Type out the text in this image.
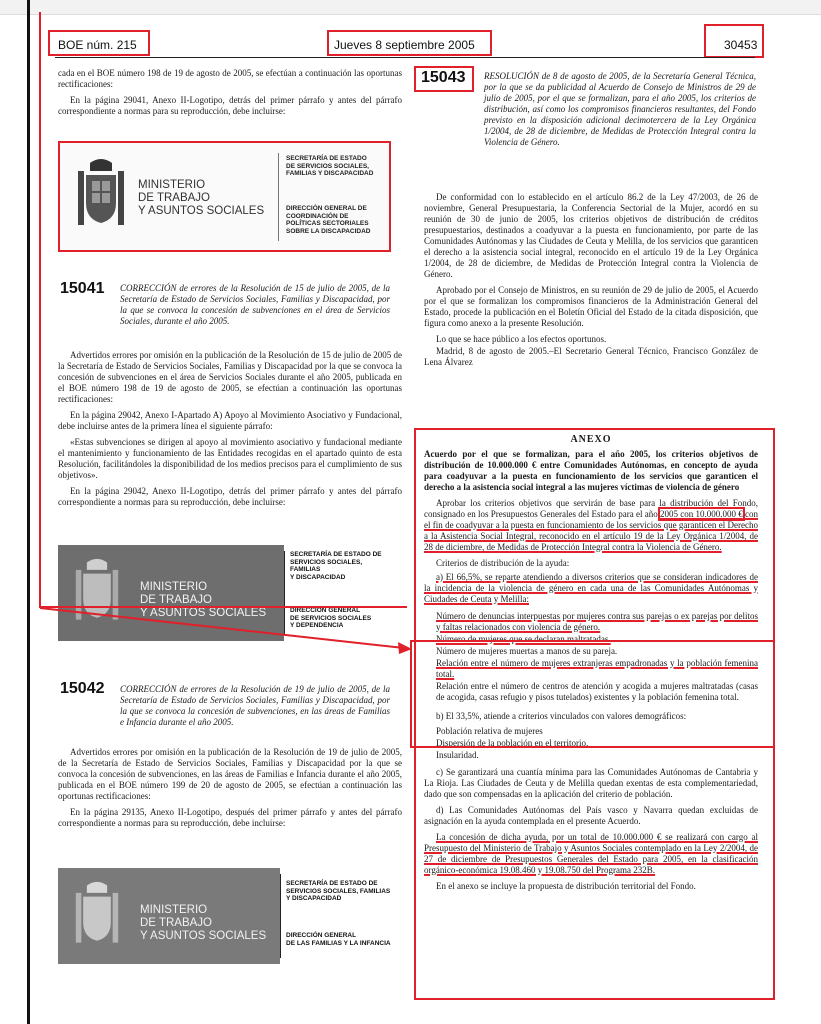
BOE núm. 215	Jueves 8 septiembre 2005	30453

cada en el BOE número 198 de 19 de agosto de 2005, se efectúan a continuación las oportunas rectificaciones:

En la página 29041, Anexo II-Logotipo, detrás del primer párrafo y antes del párrafo correspondiente a normas para su reproducción, debe incluirse:

MINISTERIO
DE TRABAJO
Y ASUNTOS SOCIALES
SECRETARÍA DE ESTADO
DE SERVICIOS SOCIALES,
FAMILIAS Y DISCAPACIDAD
DIRECCIÓN GENERAL DE
COORDINACIÓN DE
POLÍTICAS SECTORIALES
SOBRE LA DISCAPACIDAD
15041 CORRECCIÓN de errores de la Resolución de 15 de julio de 2005, de la Secretaría de Estado de Servicios Sociales, Familias y Discapacidad, por la que se convoca la concesión de subvenciones en el área de Servicios Sociales, durante el año 2005.

Advertidos errores por omisión en la publicación de la Resolución de 15 de julio de 2005 de la Secretaría de Estado de Servicios Sociales, Familias y Discapacidad por la que se convoca la concesión de subvenciones en el área de Servicios Sociales durante el año 2005, publicada en el BOE número 198 de 19 de agosto de 2005, se efectúan a continuación las oportunas rectificaciones:

En la página 29042, Anexo I-Apartado A) Apoyo al Movimiento Asociativo y Fundacional, debe incluirse antes de la primera línea el siguiente párrafo:

«Estas subvenciones se dirigen al apoyo al movimiento asociativo y fundacional mediante el mantenimiento y funcionamiento de las Entidades recogidas en el apartado quinto de esta Resolución, facilitándoles la disponibilidad de los medios precisos para el cumplimiento de sus objetivos».

En la página 29042, Anexo II-Logotipo, detrás del primer párrafo y antes del párrafo correspondiente a normas para su reproducción, debe incluirse:

MINISTERIO
DE TRABAJO
Y ASUNTOS SOCIALES
SECRETARÍA DE ESTADO DE
SERVICIOS SOCIALES, FAMILIAS
Y DISCAPACIDAD
DIRECCIÓN GENERAL
DE SERVICIOS SOCIALES
Y DEPENDENCIA
15042 CORRECCIÓN de errores de la Resolución de 19 de julio de 2005, de la Secretaría de Estado de Servicios Sociales, Familias y Discapacidad, por la que se convoca la concesión de subvenciones, en las áreas de Familias e Infancia durante el año 2005.

Advertidos errores por omisión en la publicación de la Resolución de 19 de julio de 2005, de la Secretaría de Estado de Servicios Sociales, Familias y Discapacidad por la que se convoca la concesión de subvenciones, en las áreas de Familias e Infancia durante el año 2005, publicada en el BOE número 199 de 20 de agosto de 2005, se efectúan a continuación las oportunas rectificaciones:

En la página 29135, Anexo II-Logotipo, después del primer párrafo y antes del párrafo correspondiente a normas para su reproducción, debe incluirse:

MINISTERIO
DE TRABAJO
Y ASUNTOS SOCIALES
SECRETARÍA DE ESTADO DE
SERVICIOS SOCIALES, FAMILIAS
Y DISCAPACIDAD
DIRECCIÓN GENERAL
DE LAS FAMILIAS Y LA INFANCIA
15043 RESOLUCIÓN de 8 de agosto de 2005, de la Secretaría General Técnica, por la que se da publicidad al Acuerdo de Consejo de Ministros de 29 de julio de 2005, por el que se formalizan, para el año 2005, los criterios de distribución, así como los compromisos financieros resultantes, del Fondo previsto en la disposición adicional decimotercera de la Ley Orgánica 1/2004, de 28 de diciembre, de Medidas de Protección Integral contra la Violencia de Género.

De conformidad con lo establecido en el artículo 86.2 de la Ley 47/2003, de 26 de noviembre, General Presupuestaria, la Conferencia Sectorial de la Mujer, acordó en su reunión de 30 de junio de 2005, los criterios objetivos de distribución de créditos presupuestarios, destinados a coadyuvar a la puesta en funcionamiento, por parte de las Comunidades Autónomas y las Ciudades de Ceuta y Melilla, de los servicios que garanticen el derecho a la asistencia social integral, reconocido en el artículo 19 de la Ley Orgánica 1/2004, de 28 de diciembre, de Medidas de Protección Integral contra la Violencia de Género.

Aprobado por el Consejo de Ministros, en su reunión de 29 de julio de 2005, el Acuerdo por el que se formalizan los compromisos financieros de la Administración General del Estado, procede la publicación en el Boletín Oficial del Estado de la citada disposición, que figura como anexo a la presente Resolución.

Lo que se hace público a los efectos oportunos.

Madrid, 8 de agosto de 2005.–El Secretario General Técnico, Francisco González de Lena Álvarez

ANEXO

Acuerdo por el que se formalizan, para el año 2005, los criterios objetivos de distribución de 10.000.000 € entre Comunidades Autónomas, en concepto de ayuda para coadyuvar a la puesta en funcionamiento de los servicios que garanticen el derecho a la asistencia social integral a las mujeres víctimas de violencia de género

Aprobar los criterios objetivos que servirán de base para la distribución del Fondo, consignado en los Presupuestos Generales del Estado para el año 2005 con 10.000.000 € con el fin de coadyuvar a la puesta en funcionamiento de los servicios que garanticen el Derecho a la Asistencia Social Integral, reconocido en el artículo 19 de la Ley Orgánica 1/2004, de 28 de diciembre, de Medidas de Protección Integral contra la Violencia de Género.

Criterios de distribución de la ayuda:

a) El 66,5%, se reparte atendiendo a diversos criterios que se consideran indicadores de la incidencia de la violencia de género en cada una de las Comunidades Autónomas y Ciudades de Ceuta y Melilla:

Número de denuncias interpuestas por mujeres contra sus parejas o ex parejas por delitos y faltas relacionados con violencia de género.

Número de mujeres que se declaran maltratadas.

Número de mujeres muertas a manos de su pareja.

Relación entre el número de mujeres extranjeras empadronadas y la población femenina total.

Relación entre el número de centros de atención y acogida a mujeres maltratadas (casas de acogida, casas refugio y pisos tutelados) existentes y la población femenina total.

b) El 33,5%, atiende a criterios vinculados con valores demográficos:

Población relativa de mujeres

Dispersión de la población en el territorio.

Insularidad.

c) Se garantizará una cuantía mínima para las Comunidades Autónomas de Cantabria y La Rioja. Las Ciudades de Ceuta y de Melilla quedan exentas de esta complementariedad, dado que son compensadas en la aplicación del criterio de población.

d) Las Comunidades Autónomas del País vasco y Navarra quedan excluidas de asignación en la ayuda contemplada en el presente Acuerdo.

La concesión de dicha ayuda, por un total de 10.000.000 € se realizará con cargo al Presupuesto del Ministerio de Trabajo y Asuntos Sociales contemplado en la Ley 2/2004, de 27 de diciembre de Presupuestos Generales del Estado para 2005, en la clasificación orgánico-económica 19.08.460 y 19.08.750 del Programa 232B.

En el anexo se incluye la propuesta de distribución territorial del Fondo.
